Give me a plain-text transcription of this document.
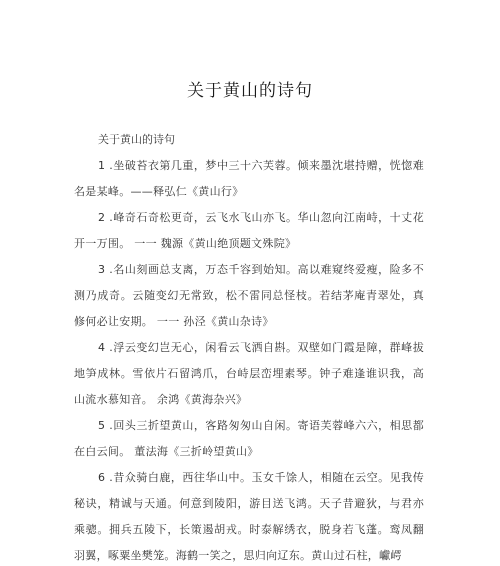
关于黄山的诗句

关于黄山的诗句

1 .坐破苔衣第几重，梦中三十六芙蓉。倾来墨沈堪持赠，恍惚难名是某峰。——释弘仁《黄山行》

2 .峰奇石奇松更奇，云飞水飞山亦飞。华山忽向江南峙，十丈花开一万围。 一一 魏源《黄山绝顶题文殊院》

3 .名山刻画总支离，万态千容到始知。高以难窥终爱瘦，险多不测乃成奇。云随变幻无常致，松不雷同总怪枝。若结茅庵青翠处，真修何必让安期。 一一 孙泾《黄山杂诗》

4 .浮云变幻岂无心，闲看云飞洒自斟。双壁如门霞是障，群峰拔地笋成林。雪依片石留鸿爪，台峙层峦埋素琴。钟子难逢谁识我，高山流水慕知音。 余鸿《黄海杂兴》

5 .回头三折望黄山，客路匆匆山自闲。寄语芙蓉峰六六，相思都在白云间。 董法海《三折岭望黄山》

6 .昔众骑白鹿，西往华山中。玉女千馀人，相随在云空。见我传秘诀，精诚与天通。何意到陵阳，游目送飞鸿。天子昔避狄，与君亦乘骢。拥兵五陵下，长策遏胡戎。时泰解绣衣，脱身若飞蓬。鸾凤翻羽翼，啄粟坐樊笼。海鹤一笑之，思归向辽东。黄山过石柱，巘崿
